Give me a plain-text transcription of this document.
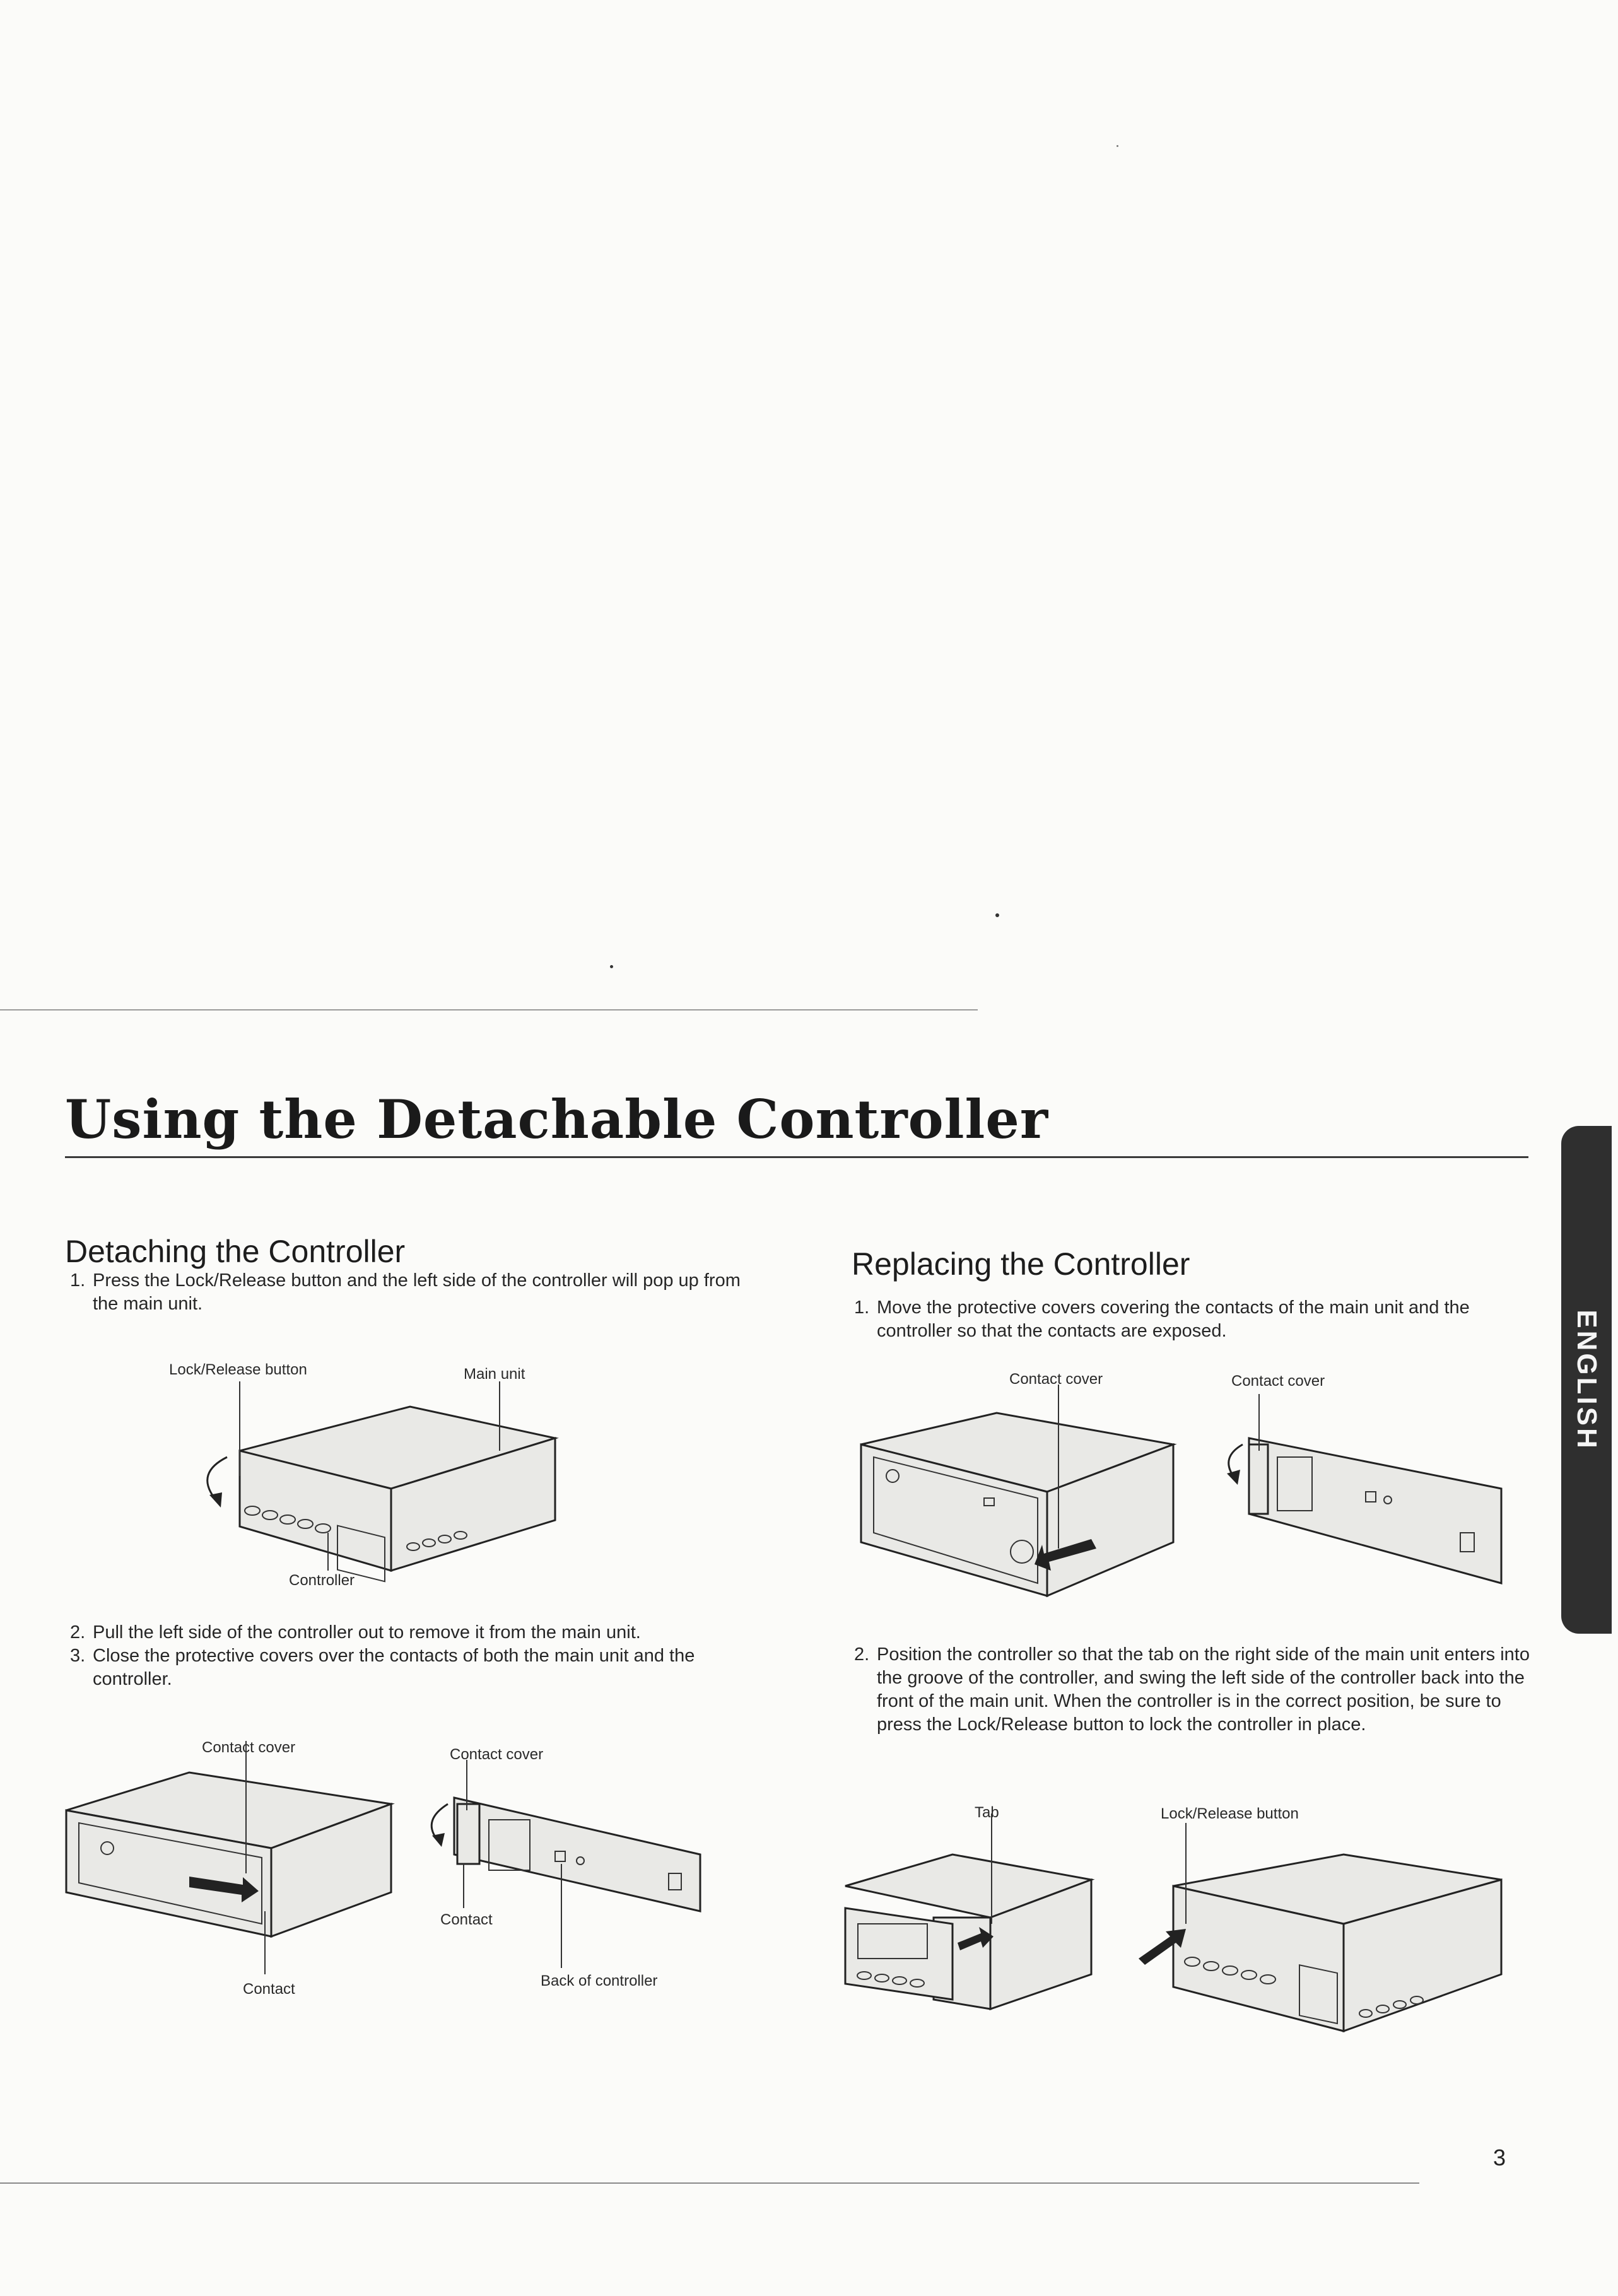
Using the Detachable Controller
ENGLISH
Detaching the Controller
1. Press the Lock/Release button and the left side of the controller will pop up from the main unit.
Lock/Release button	Main unit
Controller
2. Pull the left side of the controller out to remove it from the main unit.
3. Close the protective covers over the contacts of both the main unit and the controller.
Contact cover	Contact cover
Contact
Contact	Back of controller
Replacing the Controller
1. Move the protective covers covering the contacts of the main unit and the controller so that the contacts are exposed.
Contact cover	Contact cover
2. Position the controller so that the tab on the right side of the main unit enters into the groove of the controller, and swing the left side of the controller back into the front of the main unit. When the controller is in the correct position, be sure to press the Lock/Release button to lock the controller in place.
Tab	Lock/Release button
3
